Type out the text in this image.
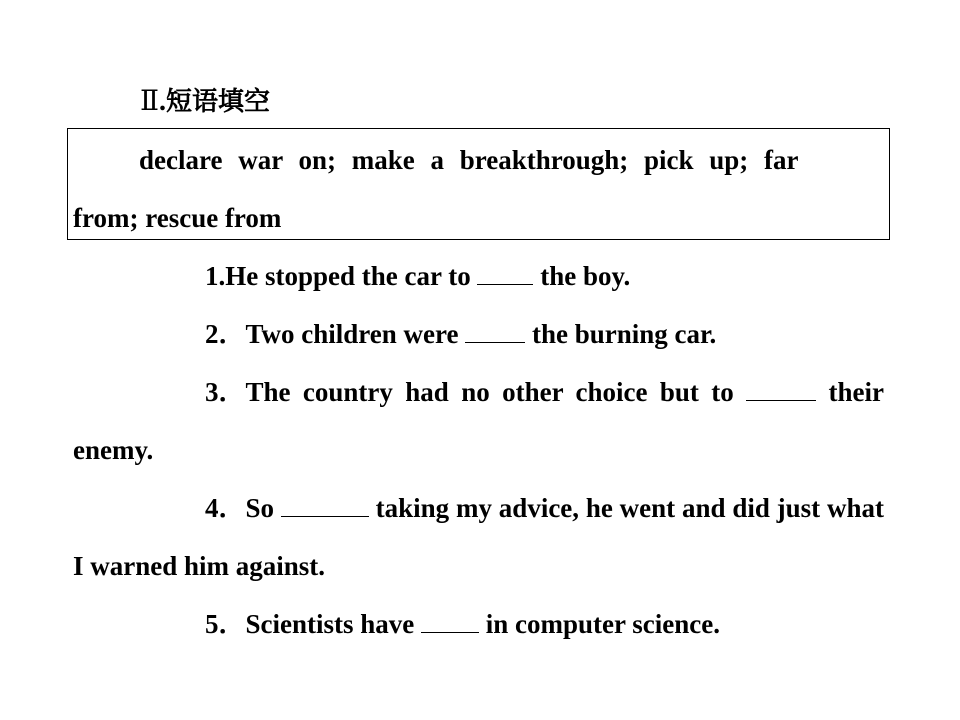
Ⅱ.短语填空
declare war on; make a breakthrough; pick up; far
from; rescue from
1.He stopped the car to  the boy.
2．Two children were  the burning car.
3．The country had no other choice but to	their enemy.
4．So	taking my advice, he went and did just what I warned him against.
5．Scientists have  in computer science.
